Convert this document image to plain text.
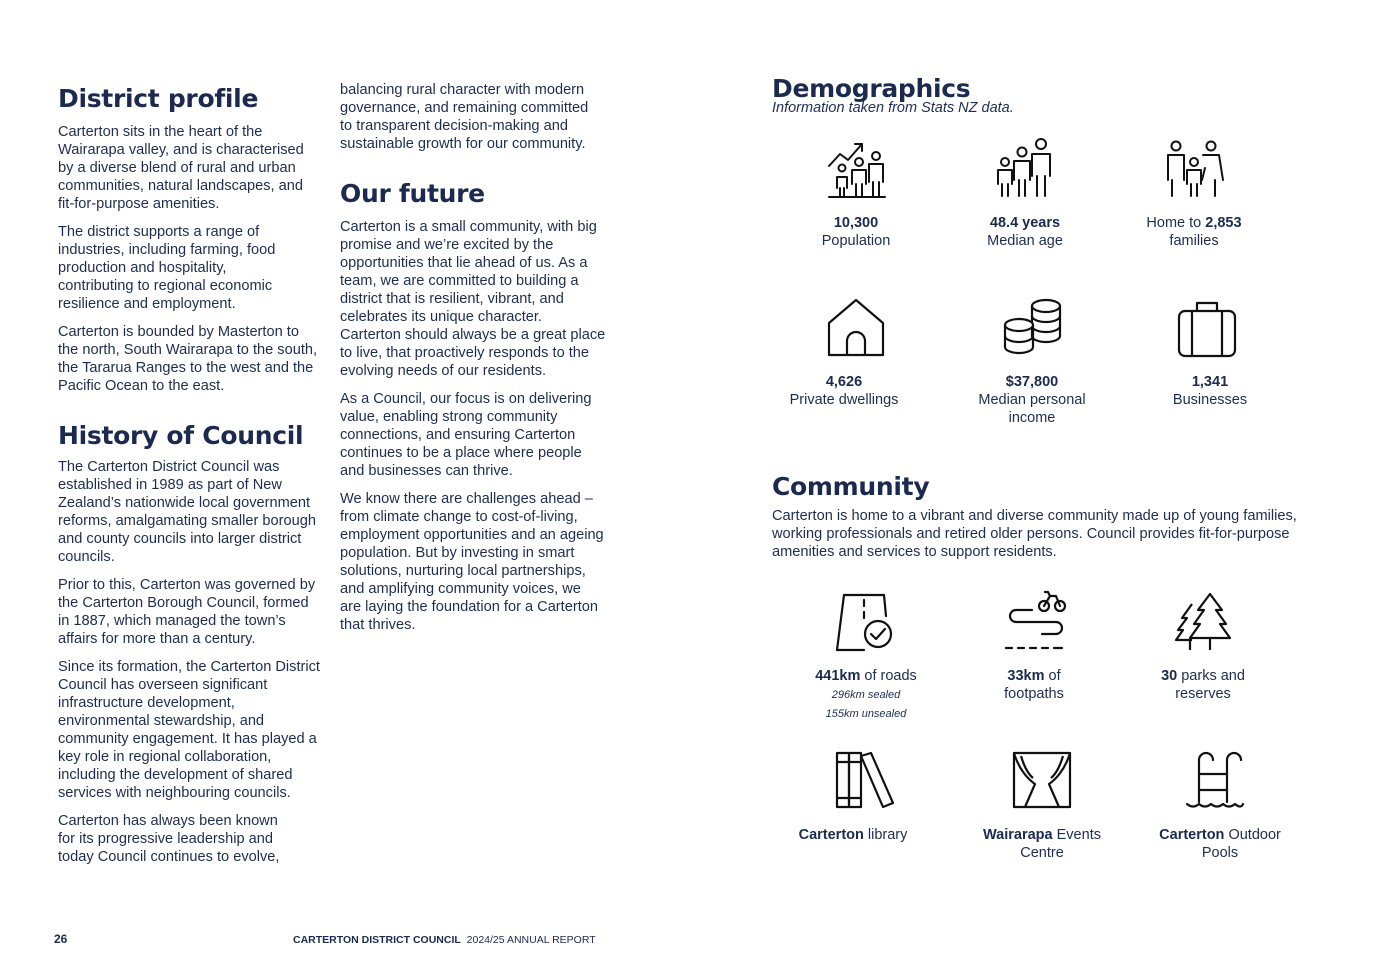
District profile

Carterton sits in the heart of the Wairarapa valley, and is characterised by a diverse blend of rural and urban communities, natural landscapes, and fit-for-purpose amenities.

The district supports a range of industries, including farming, food production and hospitality, contributing to regional economic resilience and employment.

Carterton is bounded by Masterton to the north, South Wairarapa to the south, the Tararua Ranges to the west and the Pacific Ocean to the east.

History of Council

The Carterton District Council was established in 1989 as part of New Zealand’s nationwide local government reforms, amalgamating smaller borough and county councils into larger district councils.

Prior to this, Carterton was governed by the Carterton Borough Council, formed in 1887, which managed the town’s affairs for more than a century.

Since its formation, the Carterton District Council has overseen significant infrastructure development, environmental stewardship, and community engagement. It has played a key role in regional collaboration, including the development of shared services with neighbouring councils.

Carterton has always been known for its progressive leadership and today Council continues to evolve,

balancing rural character with modern governance, and remaining committed to transparent decision-making and sustainable growth for our community.

Our future

Carterton is a small community, with big promise and we’re excited by the opportunities that lie ahead of us. As a team, we are committed to building a district that is resilient, vibrant, and celebrates its unique character. Carterton should always be a great place to live, that proactively responds to the evolving needs of our residents.

As a Council, our focus is on delivering value, enabling strong community connections, and ensuring Carterton continues to be a place where people and businesses can thrive.

We know there are challenges ahead – from climate change to cost-of-living, employment opportunities and an ageing population. But by investing in smart solutions, nurturing local partnerships, and amplifying community voices, we are laying the foundation for a Carterton that thrives.

Demographics
Information taken from Stats NZ data.
10,300
Population
48.4 years
Median age
Home to 2,853
families
4,626
Private dwellings
$37,800
Median personal
income
1,341
Businesses
Community

Carterton is home to a vibrant and diverse community made up of young families, working professionals and retired older persons. Council provides fit-for-purpose amenities and services to support residents.

441km of roads
296km sealed
155km unsealed
33km of
footpaths
30 parks and
reserves
Carterton library	Wairarapa Events
Centre
Carterton Outdoor
Pools
26	CARTERTON DISTRICT COUNCIL 2024/25 ANNUAL REPORT
